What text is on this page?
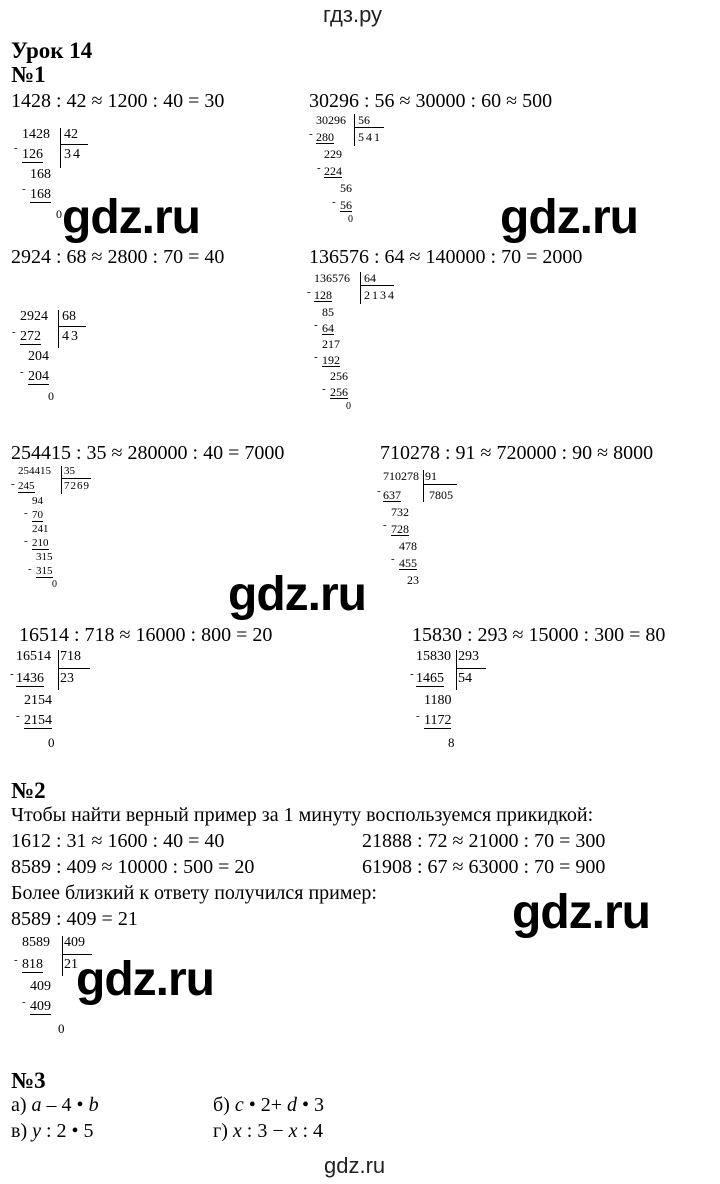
гдз.ру
Урок 14
№1
1428 : 42 ≈ 1200 : 40 = 30	30296 : 56 ≈ 30000 : 60 ≈ 500
1428 42
34
- 126
168
- 168
0
30296 56
541
- 280
229
- 224
56
- 56
0
gdz.ru	gdz.ru
2924 : 68 ≈ 2800 : 70 = 40	136576 : 64 ≈ 140000 : 70 = 2000
2924 68
43
- 272
204
- 204
0
136576 64
2134
- 128
85
- 64
217
- 192
256
- 256
0
254415 : 35 ≈ 280000 : 40 = 7000	710278 : 91 ≈ 720000 : 90 ≈ 8000
254415 35
7269
- 245
94
- 70
241
- 210
315
- 315
0
710278 91
7805
- 637
732
- 728
478
- 455
23
gdz.ru
16514 : 718 ≈ 16000 : 800 = 20	15830 : 293 ≈ 15000 : 300 = 80
16514 718
23
- 1436
2154
- 2154
0
15830 293
54
- 1465
1180
- 1172
8
№2
Чтобы найти верный пример за 1 минуту воспользуемся прикидкой:
1612 : 31 ≈ 1600 : 40 = 40	21888 : 72 ≈ 21000 : 70 = 300
8589 : 409 ≈ 10000 : 500 = 20	61908 : 67 ≈ 63000 : 70 = 900
Более близкий к ответу получился пример:
8589 : 409 = 21	gdz.ru
8589 409
21
- 818
409
- 409
0
gdz.ru
№3
а) a – 4 • b	б) c • 2+ d • 3
в) y : 2 • 5	г) x : 3 − x : 4
gdz.ru
